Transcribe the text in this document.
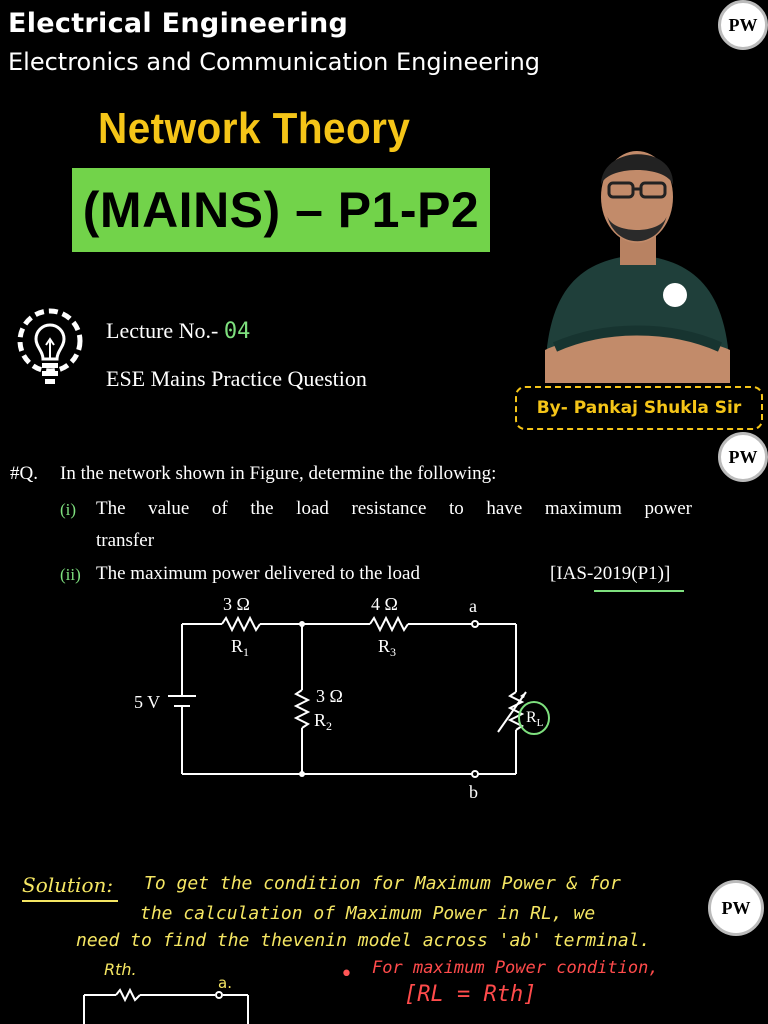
Electrical Engineering
Electronics and Communication Engineering
Network Theory
(MAINS) – P1-P2
PW
PW
PW
Lecture No.- 04
ESE Mains Practice Question
By- Pankaj Shukla Sir
#Q. In the network shown in Figure, determine the following:
(i) The value of the load resistance to have maximum power
transfer
(ii) The maximum power delivered to the load	[IAS-2019(P1)]
3 Ω
$R_1$
4 Ω
$R_3$
3 Ω
$R_2$
5 V
$R_L$
a
b
Solution: To get the condition for Maximum Power & for
the calculation of Maximum Power in RL, we
need to find the thevenin model across 'ab' terminal.
Rth.
a.	• For maximum Power condition,
[RL = Rth]
